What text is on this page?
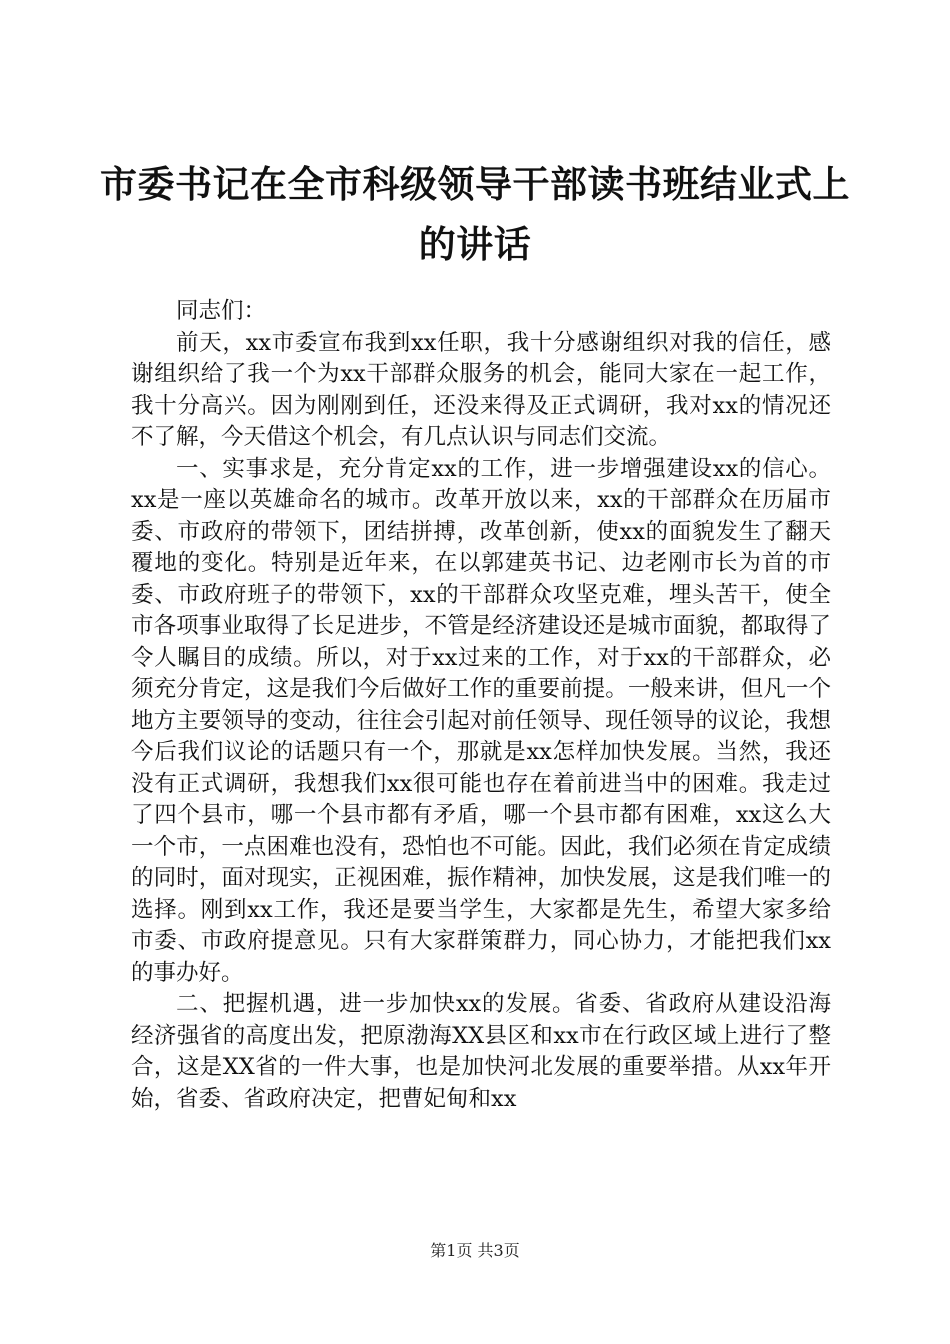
市委书记在全市科级领导干部读书班结业式上
的讲话

同志们：

前天，xx市委宣布我到xx任职，我十分感谢组织对我的信任，感谢组织给了我一个为xx干部群众服务的机会，能同大家在一起工作，我十分高兴。因为刚刚到任，还没来得及正式调研，我对xx的情况还不了解，今天借这个机会，有几点认识与同志们交流。

一、实事求是，充分肯定xx的工作，进一步增强建设xx的信心。xx是一座以英雄命名的城市。改革开放以来，xx的干部群众在历届市委、市政府的带领下，团结拼搏，改革创新，使xx的面貌发生了翻天覆地的变化。特别是近年来，在以郭建英书记、边老刚市长为首的市委、市政府班子的带领下，xx的干部群众攻坚克难，埋头苦干，使全市各项事业取得了长足进步，不管是经济建设还是城市面貌，都取得了令人瞩目的成绩。所以，对于xx过来的工作，对于xx的干部群众，必须充分肯定，这是我们今后做好工作的重要前提。一般来讲，但凡一个地方主要领导的变动，往往会引起对前任领导、现任领导的议论，我想今后我们议论的话题只有一个，那就是xx怎样加快发展。当然，我还没有正式调研，我想我们xx很可能也存在着前进当中的困难。我走过了四个县市，哪一个县市都有矛盾，哪一个县市都有困难，xx这么大一个市，一点困难也没有，恐怕也不可能。因此，我们必须在肯定成绩的同时，面对现实，正视困难，振作精神，加快发展，这是我们唯一的选择。刚到xx工作，我还是要当学生，大家都是先生，希望大家多给市委、市政府提意见。只有大家群策群力，同心协力，才能把我们xx的事办好。

二、把握机遇，进一步加快xx的发展。省委、省政府从建设沿海经济强省的高度出发，把原渤海XX县区和xx市在行政区域上进行了整合，这是XX省的一件大事，也是加快河北发展的重要举措。从xx年开始，省委、省政府决定，把曹妃甸和xx

第1页 共3页
